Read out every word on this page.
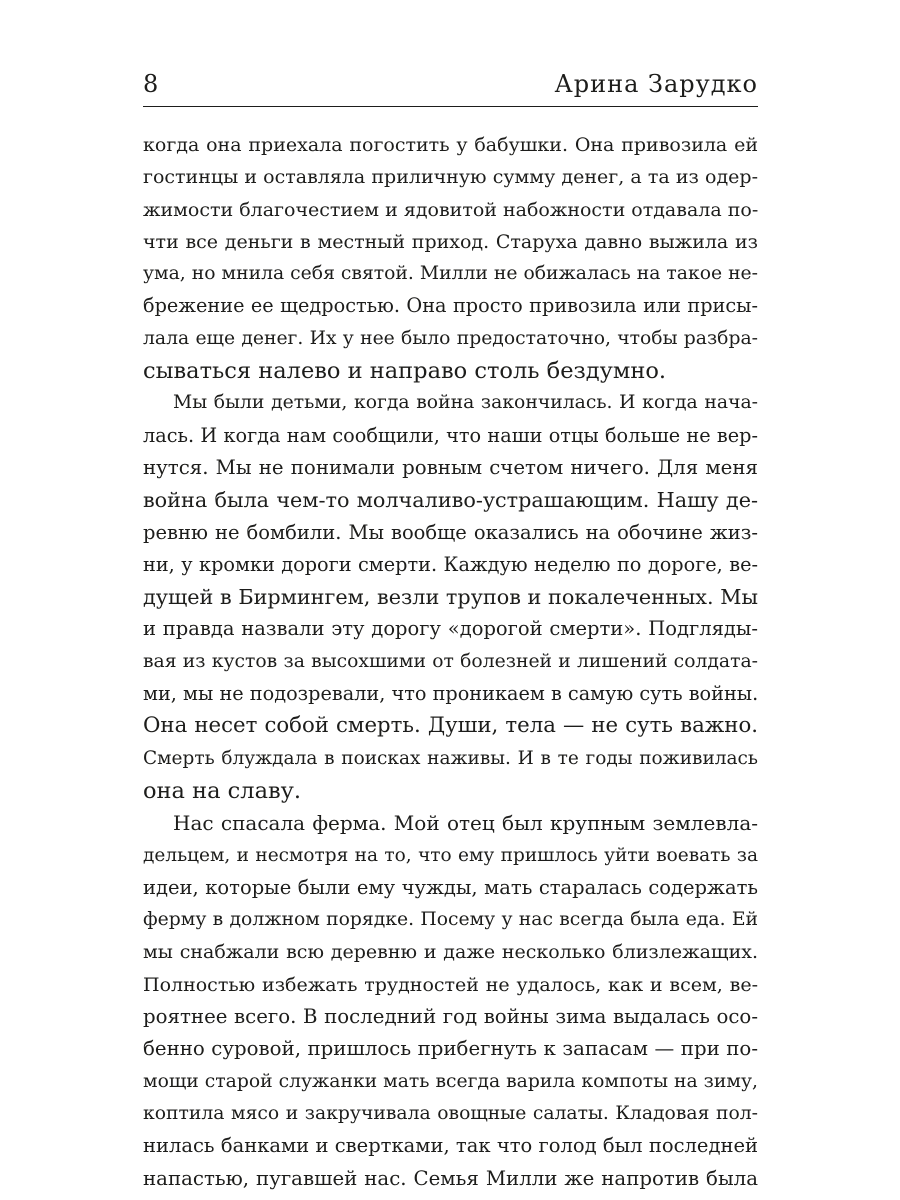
8	Арина Зарудко
когда она приехала погостить у бабушки. Она привозила ей
гостинцы и оставляла приличную сумму денег, а та из одер-
жимости благочестием и ядовитой набожности отдавала по-
чти все деньги в местный приход. Старуха давно выжила из
ума, но мнила себя святой. Милли не обижалась на такое не-
брежение ее щедростью. Она просто привозила или присы-
лала еще денег. Их у нее было предостаточно, чтобы разбра-
сываться налево и направо столь бездумно.
Мы были детьми, когда война закончилась. И когда нача-
лась. И когда нам сообщили, что наши отцы больше не вер-
нутся. Мы не понимали ровным счетом ничего. Для меня
война была чем-то молчаливо-устрашающим. Нашу де-
ревню не бомбили. Мы вообще оказались на обочине жиз-
ни, у кромки дороги смерти. Каждую неделю по дороге, ве-
дущей в Бирмингем, везли трупов и покалеченных. Мы
и правда назвали эту дорогу «дорогой смерти». Подгляды-
вая из кустов за высохшими от болезней и лишений солдата-
ми, мы не подозревали, что проникаем в самую суть войны.
Она несет собой смерть. Души, тела — не суть важно.
Смерть блуждала в поисках наживы. И в те годы поживилась
она на славу.
Нас спасала ферма. Мой отец был крупным землевла-
дельцем, и несмотря на то, что ему пришлось уйти воевать за
идеи, которые были ему чужды, мать старалась содержать
ферму в должном порядке. Посему у нас всегда была еда. Ей
мы снабжали всю деревню и даже несколько близлежащих.
Полностью избежать трудностей не удалось, как и всем, ве-
роятнее всего. В последний год войны зима выдалась осо-
бенно суровой, пришлось прибегнуть к запасам — при по-
мощи старой служанки мать всегда варила компоты на зиму,
коптила мясо и закручивала овощные салаты. Кладовая пол-
нилась банками и свертками, так что голод был последней
напастью, пугавшей нас. Семья Милли же напротив была
